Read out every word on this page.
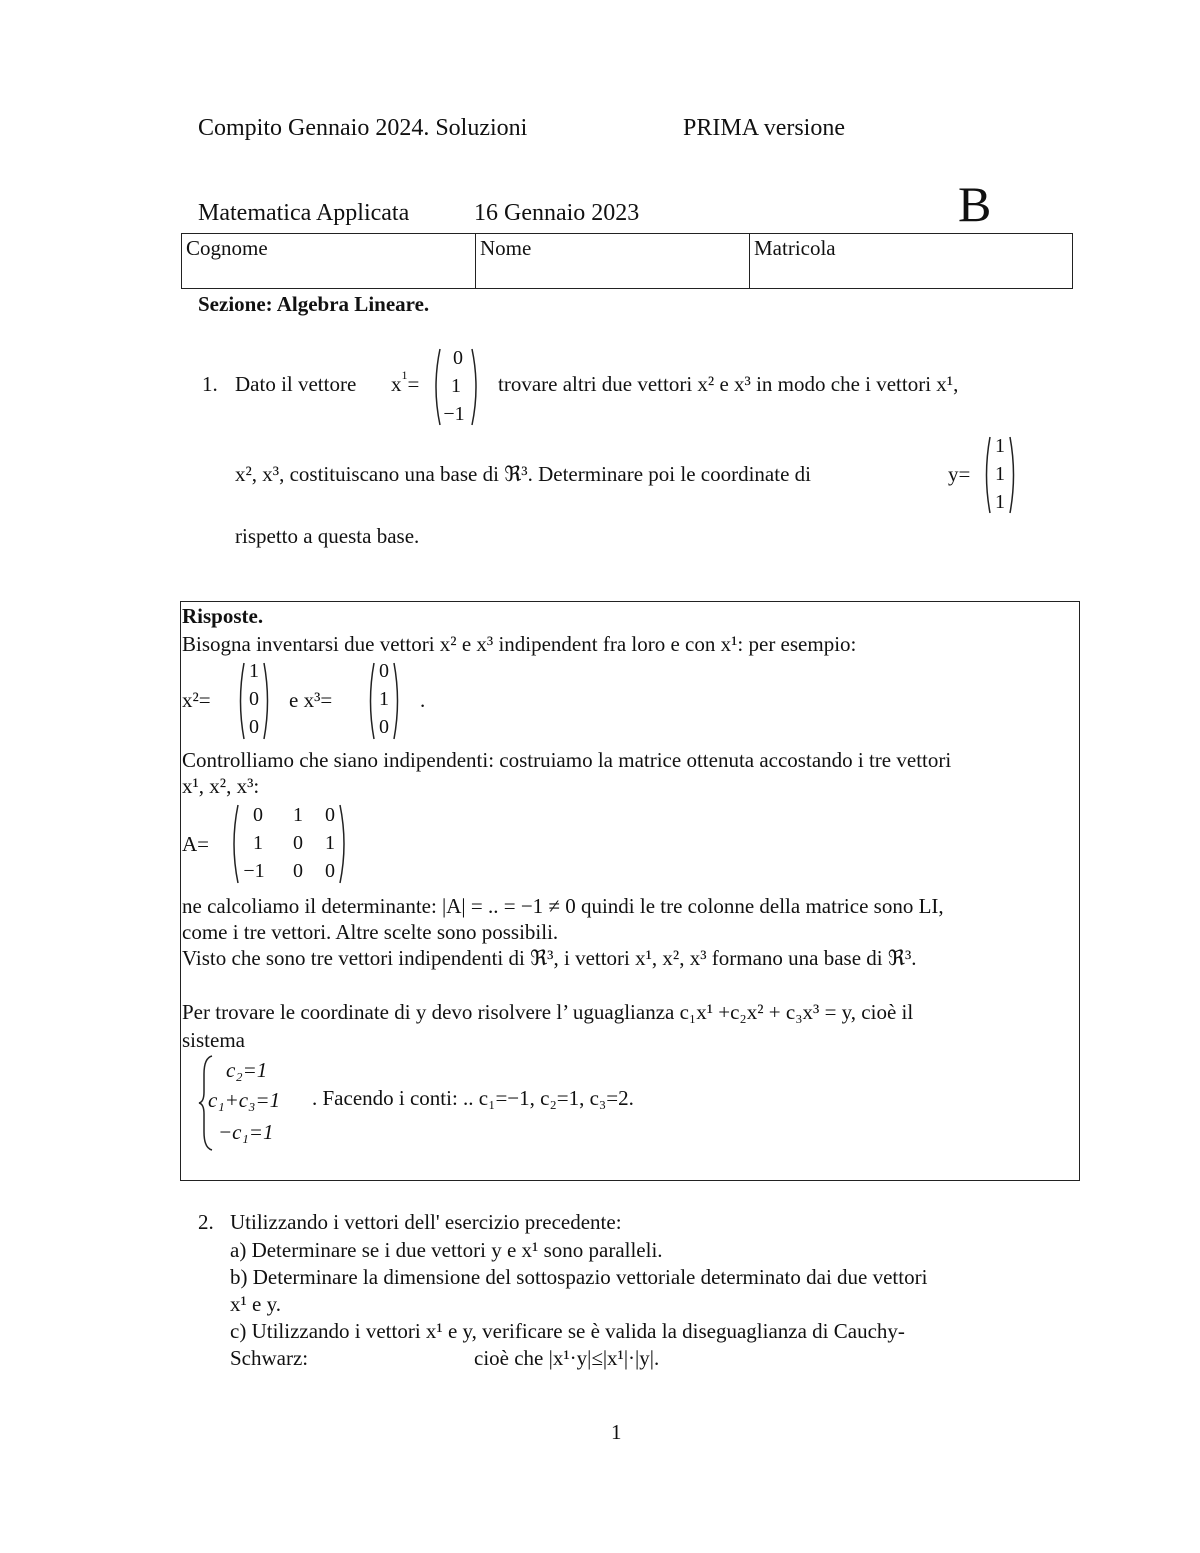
Compito Gennaio 2024. Soluzioni	PRIMA versione
Matematica Applicata	16 Gennaio 2023	B
Cognome	Nome	Matricola
Sezione: Algebra Lineare.
1. Dato il vettore $x^1=$
0
1
−1
trovare altri due vettori x² e x³ in modo che i vettori x¹,
x², x³, costituiscano una base di ℜ³. Determinare poi le coordinate di	y=
1
1
1
rispetto a questa base.
Risposte.
Bisogna inventarsi due vettori x² e x³ indipendent fra loro e con x¹: per esempio:
x²=
1
0
0
e x³=
0
1
0
.
Controlliamo che siano indipendenti: costruiamo la matrice ottenuta accostando i tre vettori
x¹, x², x³:
A=
0	1	0
1	0	1
−1	0	0
ne calcoliamo il determinante: |A| = .. = −1 ≠ 0 quindi le tre colonne della matrice sono LI,
come i tre vettori. Altre scelte sono possibili.
Visto che sono tre vettori indipendenti di ℜ³, i vettori x¹, x², x³ formano una base di ℜ³.
Per trovare le coordinate di y devo risolvere l’ uguaglianza c₁x¹ +c₂x² + c₃x³ = y, cioè il
sistema
c₂=1
c₁+c₃=1
−c₁=1
. Facendo i conti: .. c₁=−1, c₂=1, c₃=2.
2. Utilizzando i vettori dell' esercizio precedente:
a) Determinare se i due vettori y e x¹ sono paralleli.
b) Determinare la dimensione del sottospazio vettoriale determinato dai due vettori
x¹ e y.
c) Utilizzando i vettori x¹ e y, verificare se è valida la diseguaglianza di Cauchy-
Schwarz:	cioè che |x¹·y|≤|x¹|·|y|.
1
